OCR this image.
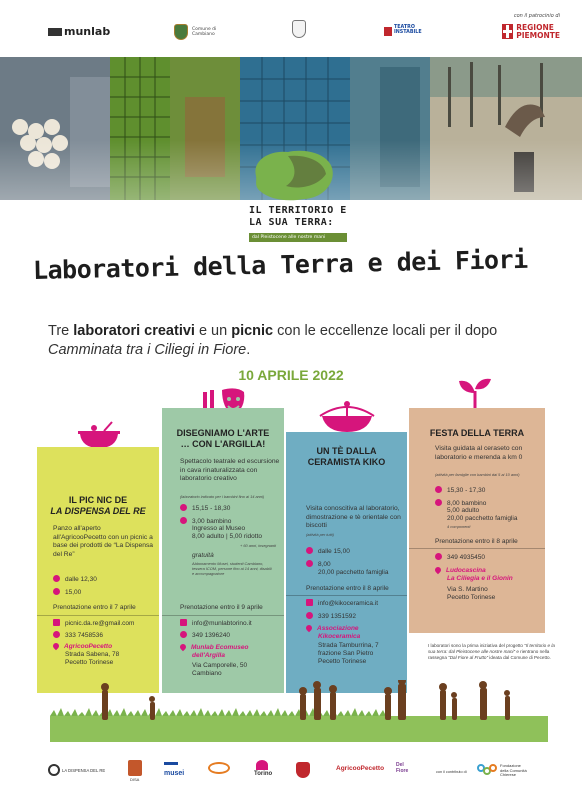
munlab	Comune di Cambiano
TEATRO
INSTABILE
con il patrocinio di
REGIONE
PIEMONTE
IL TERRITORIO E
LA SUA TERRA:
dal Pleistocene alle nostre mani
Laboratori della Terra e dei Fiori
Tre laboratori creativi e un picnic con le eccellenze locali per il dopo Camminata tra i Ciliegi in Fiore.
10 APRILE 2022
IL PIC NIC DE
LA DISPENSA DEL RE
Panzo all'aperto all'AgricooPecetto con un picnic a base dei prodotti de “La Dispensa del Re”
dalle 12,30
15,00
Prenotazione entro il 7 aprile
picnic.da.re@gmail.com
333 7458536
AgricooPecetto
Strada Sabena, 78
Pecetto Torinese
DISEGNIAMO L'ARTE
… CON L'ARGILLA!
Spettacolo teatrale ed escursione in cava rinaturalizzata con laboratorio creativo
(laboratorio indicato per i bambini fino ai 14 anni)
15,15 - 18,30
3,00 bambino
Ingresso al Museo
8,00 adulto | 5,00 ridotto
+ 60 anni, insegnanti
gratuità
Abbonamento Musei, studenti Cambiano, tessera ICOM, persone fino ai 14 anni, disabili e accompagnatore
Prenotazione entro il 9 aprile
info@munlabtorino.it
349 1396240
Munlab Ecomuseo
dell'Argilla
Via Camporelle, 50
Cambiano
UN TÈ DALLA
CERAMISTA KIKO
Visita conoscitiva al laboratorio, dimostrazione e tè orientale con biscotti
(attività per tutti)
dalle 15,00
8,00
20,00 pacchetto famiglia
Prenotazione entro il 8 aprile
info@kikoceramica.it
339 1351592
Associazione
Kikoceramica
Strada Tamburrina, 7
frazione San Pietro
Pecetto Torinese
FESTA DELLA TERRA
Visita guidata al ceraseto con laboratorio e merenda a km 0
(attività per famiglie con bambini dai 5 ai 10 anni)
15,30 - 17,30
8,00 bambino
5,00 adulto
20,00 pacchetto famiglia
4 componenti
Prenotazione entro il 8 aprile
349 4935450
Ludocascina
La Ciliegia e il Gionin
Via S. Martino
Pecetto Torinese
I laboratori sono la prima iniziativa del progetto “Il territorio e la sua terra: dal Pleistocene alle nostre mani” e rientrano nella rassegna “Dal Fiore al Frutto” ideata dal Comune di Pecetto.
LA DISPENSA DEL RE
DISA
musei	Torino
AgricooPecetto Del Fiore	con il contributo di
Fondazione
della Comunità
Chierese
